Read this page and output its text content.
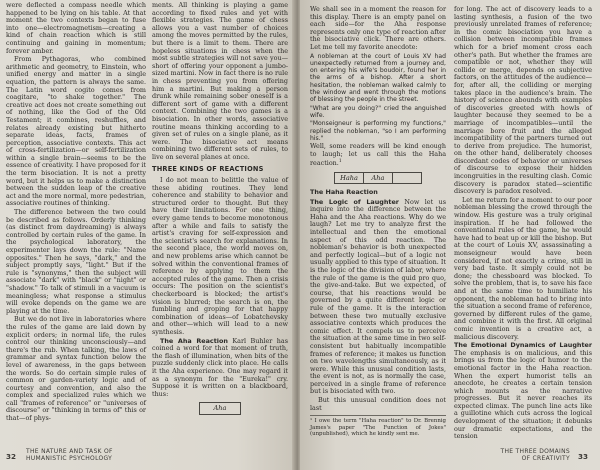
were deflected a compass needle which happened to be lying on his table. At that moment the two contexts began to fuse into one—electromagnetism—creating a kind of chain reaction which is still continuing and gaining in momentum; forever amber.

From Pythagoras, who combined arithmetic and geometry, to Einstein, who unified energy and matter in a single equation, the pattern is always the same. The Latin word cogito comes from coagitare, "to shake together." The creative act does not create something out of nothing, like the God of the Old Testament; it combines, reshuffles, and relates already existing but hitherto separate ideas, facts, frames of perception, associative contexts. This act of cross-fertilization—or self-fertilization within a single brain—seems to be the essence of creativity. I have proposed for it the term bisociation. It is not a pretty word, but it helps us to make a distinction between the sudden leap of the creative act and the more normal, more pedestrian, associative routines of thinking.

The difference between the two could be described as follows. Orderly thinking (as distinct from daydreaming) is always controlled by certain rules of the game. In the psychological laboratory, the experimenter lays down the rule: "Name opposites." Then he says, "dark," and the subject promptly says, "light." But if the rule is "synonyms," then the subject will associate "dark" with "black" or "night" or "shadow." To talk of stimuli in a vacuum is meaningless; what response a stimulus will evoke depends on the game we are playing at the time.

But we do not live in laboratories where the rules of the game are laid down by explicit orders; in normal life, the rules control our thinking unconsciously—and there's the rub. When talking, the laws of grammar and syntax function below the level of awareness, in the gaps between the words. So do certain simple rules of common or garden-variety logic and of courtesy and convention, and also the complex and specialized rules which we call "frames of reference" or "universes of discourse" or "thinking in terms of" this or that—of phys-

ments. All thinking is playing a game according to fixed rules and yet with flexible strategies. The game of chess allows you a vast number of choices among the moves permitted by the rules, but there is a limit to them. There are hopeless situations in chess when the most subtle strategies will not save you—short of offering your opponent a jumbo-sized martini. Now in fact there is no rule in chess preventing you from offering him a martini. But making a person drunk while remaining sober oneself is a different sort of game with a different context. Combining the two games is a bisociation. In other words, associative routine means thinking according to a given set of rules on a single plane, as it were. The bisociative act means combining two different sets of rules, to live on several planes at once.

THREE KINDS OF REACTIONS

I do not mean to belittle the value of these abiding routines. They lend coherence and stability to behavior and structured order to thought. But they have their limitations. For one thing, every game tends to become monotonous after a while and fails to satisfy the artist's craving for self-expression and the scientist's search for explanations. In the second place, the world moves on, and new problems arise which cannot be solved within the conventional frames of reference by applying to them the accepted rules of the game. Then a crisis occurs: The position on the scientist's checkerboard is blocked; the artist's vision is blurred; the search is on, the fumbling and groping for that happy combination of ideas—of Lobatchevsky and other—which will lead to a new synthesis.

The Aha Reaction Karl Buhler has coined a word for that moment of truth, the flash of illumination, when bits of the puzzle suddenly click into place. He calls it the Aha experience. One may regard it as a synonym for the "Eureka!" cry. Suppose it is written on a blackboard, thus:

Aha
32
THE NATURE AND TASK OF
HUMANISTIC PSYCHOLOGY

We shall see in a moment the reason for this display. There is an empty panel on each side—for the Aha response represents only one type of reaction after the bisociative click. There are others. Let me tell my favorite anecdote:

A nobleman at the court of Louis XV had unexpectedly returned from a journey and, on entering his wife's boudoir, found her in the arms of a bishop. After a short hesitation, the nobleman walked calmly to the window and went through the motions of blessing the people in the street.

"What are you doing?" cried the anguished wife.

"Monseigneur is performing my functions," replied the nobleman, "so I am performing his."

Well, some readers will be kind enough to laugh; let us call this the Haha reaction.$^1$

Haha	Aha
The Haha Reaction

The Logic of Laughter Now let us inquire into the difference between the Haha and the Aha reactions. Why do we laugh? Let me try to analyze first the intellectual and then the emotional aspect of this odd reaction. The nobleman's behavior is both unexpected and perfectly logical—but of a logic not usually applied to this type of situation. It is the logic of the division of labor, where the rule of the game is the quid pro quo, the give-and-take. But we expected, of course, that his reactions would be governed by a quite different logic or rule of the game. It is the interaction between these two mutually exclusive associative contexts which produces the comic effect. It compels us to perceive the situation at the same time in two self-consistent but habitually incompatible frames of reference; it makes us function on two wavelengths simultaneously, as it were. While this unusual condition lasts, the event is not, as is normally the case, perceived in a single frame of reference but is bisociated with two.

But this unusual condition does not last

¹ I owe the term "Haha reaction" to Dr. Brennig James's paper "The Function of Jokes" (unpublished), which he kindly sent me.

for long. The act of discovery leads to a lasting synthesis, a fusion of the two previously unrelated frames of reference; in the comic bisociation you have a collision between incompatible frames which for a brief moment cross each other's path. But whether the frames are compatible or not, whether they will collide or merge, depends on subjective factors, on the attitudes of the audience—for, after all, the colliding or merging takes place in the audience's brain. The history of science abounds with examples of discoveries greeted with howls of laughter because they seemed to be a marriage of incompatibles—until the marriage bore fruit and the alleged incompatibility of the partners turned out to derive from prejudice. The humorist, on the other hand, deliberately chooses discordant codes of behavior or universes of discourse to expose their hidden incongruities in the resulting clash. Comic discovery is paradox stated—scientific discovery is paradox resolved.

Let me return for a moment to our poor nobleman blessing the crowd through the window. His gesture was a truly original inspiration. If he had followed the conventional rules of the game, he would have had to beat up or kill the bishop. But at the court of Louis XV, assassinating a monseigneur would have been considered, if not exactly a crime, still in very bad taste. It simply could not be done; the chessboard was blocked. To solve the problem, that is, to save his face and at the same time to humiliate his opponent, the nobleman had to bring into the situation a second frame of reference, governed by different rules of the game, and combine it with the first. All original comic invention is a creative act, a malicious discovery.

The Emotional Dynamics of Laughter The emphasis is on malicious, and this brings us from the logic of humor to the emotional factor in the Haha reaction. When the expert humorist tells an anecdote, he creates a certain tension which mounts as the narrative progresses. But it never reaches its expected climax. The punch line acts like a guillotine which cuts across the logical development of the situation; it debunks our dramatic expectations, and the tension

THE THREE DOMAINS
OF CREATIVITY 33
